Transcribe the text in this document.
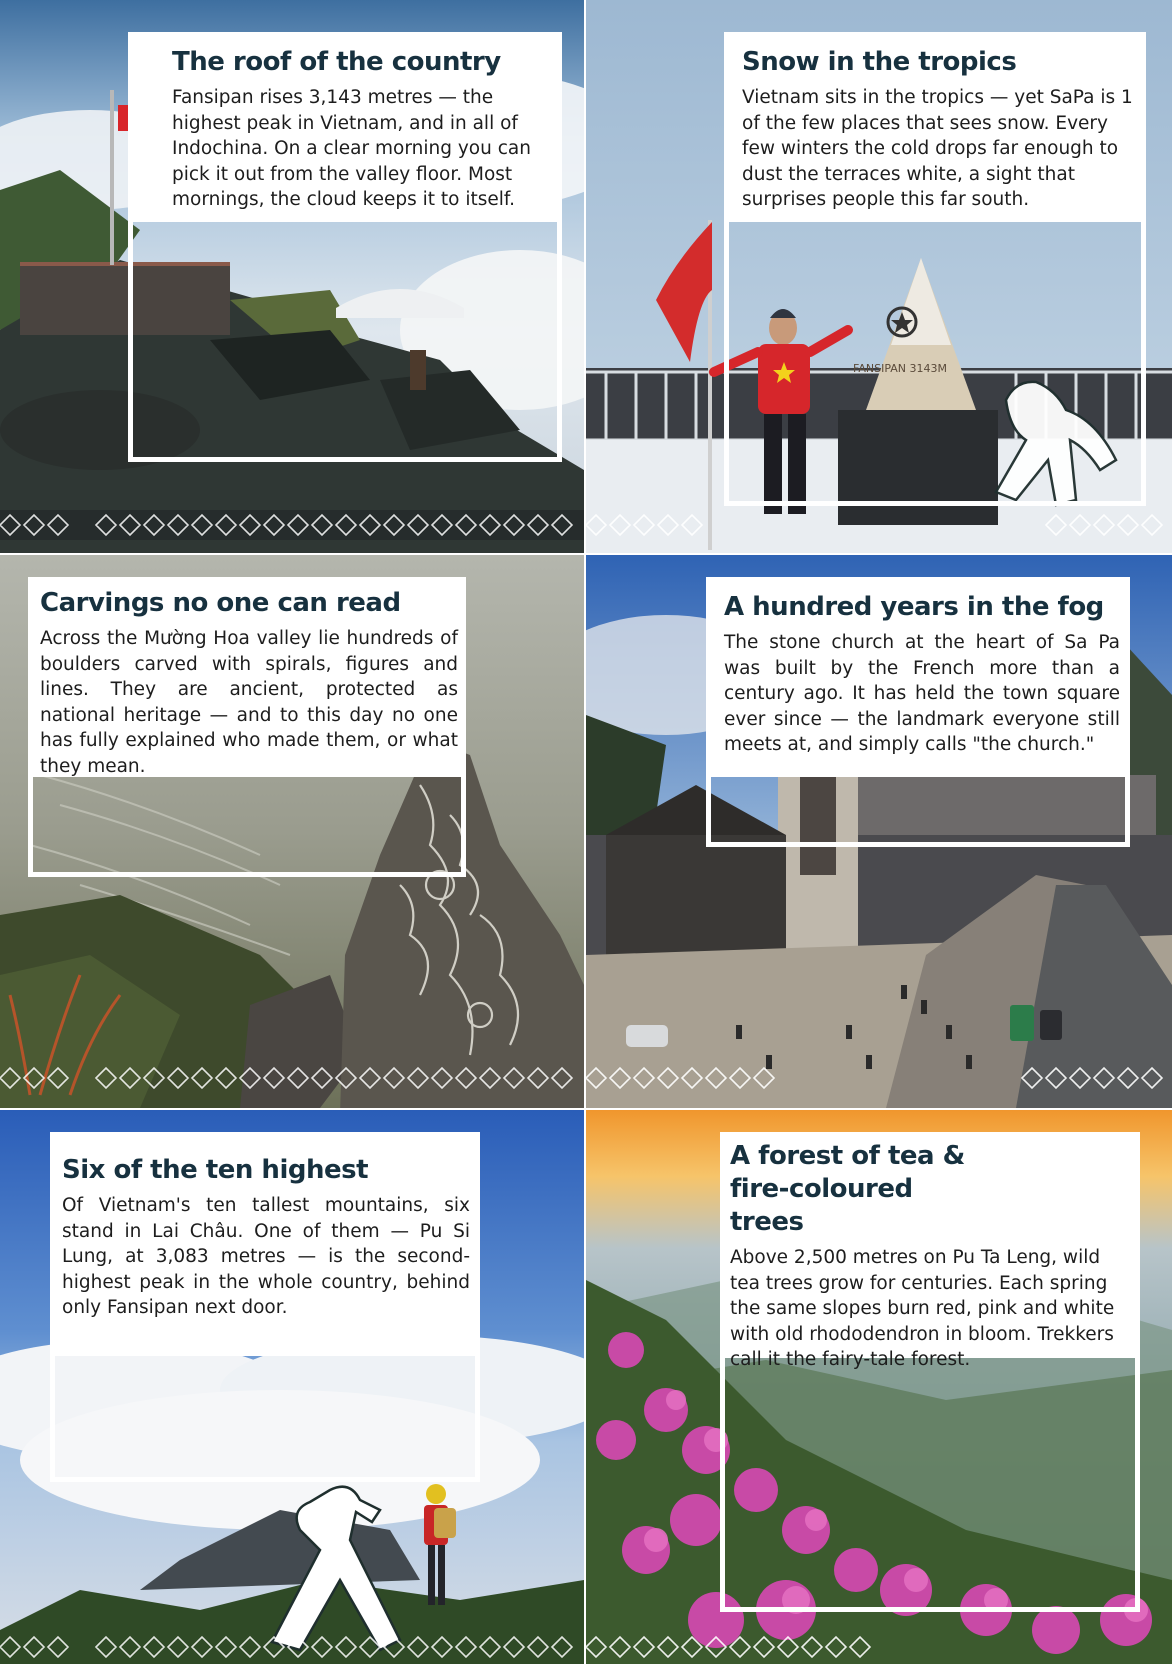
The roof of the country

Fansipan rises 3,143 metres — the highest peak in Vietnam, and in all of Indochina. On a clear morning you can pick it out from the valley floor. Most mornings, the cloud keeps it to itself.

FANSIPAN 3143M
Snow in the tropics

Vietnam sits in the tropics — yet SaPa is 1 of the few places that sees snow. Every few winters the cold drops far enough to dust the terraces white, a sight that surprises people this far south.

Carvings no one can read

Across the Mường Hoa valley lie hundreds of boulders carved with spirals, figures and lines. They are ancient, protected as national heritage — and to this day no one has fully explained who made them, or what they mean.

A hundred years in the fog

The stone church at the heart of Sa Pa was built by the French more than a century ago. It has held the town square ever since — the landmark everyone still meets at, and simply calls "the church."

Six of the ten highest

Of Vietnam's ten tallest mountains, six stand in Lai Châu. One of them — Pu Si Lung, at 3,083 metres — is the second-highest peak in the whole country, behind only Fansipan next door.

A forest of tea & fire-coloured trees

Above 2,500 metres on Pu Ta Leng, wild tea trees grow for centuries. Each spring the same slopes burn red, pink and white with old rhododendron in bloom. Trekkers call it the fairy-tale forest.
